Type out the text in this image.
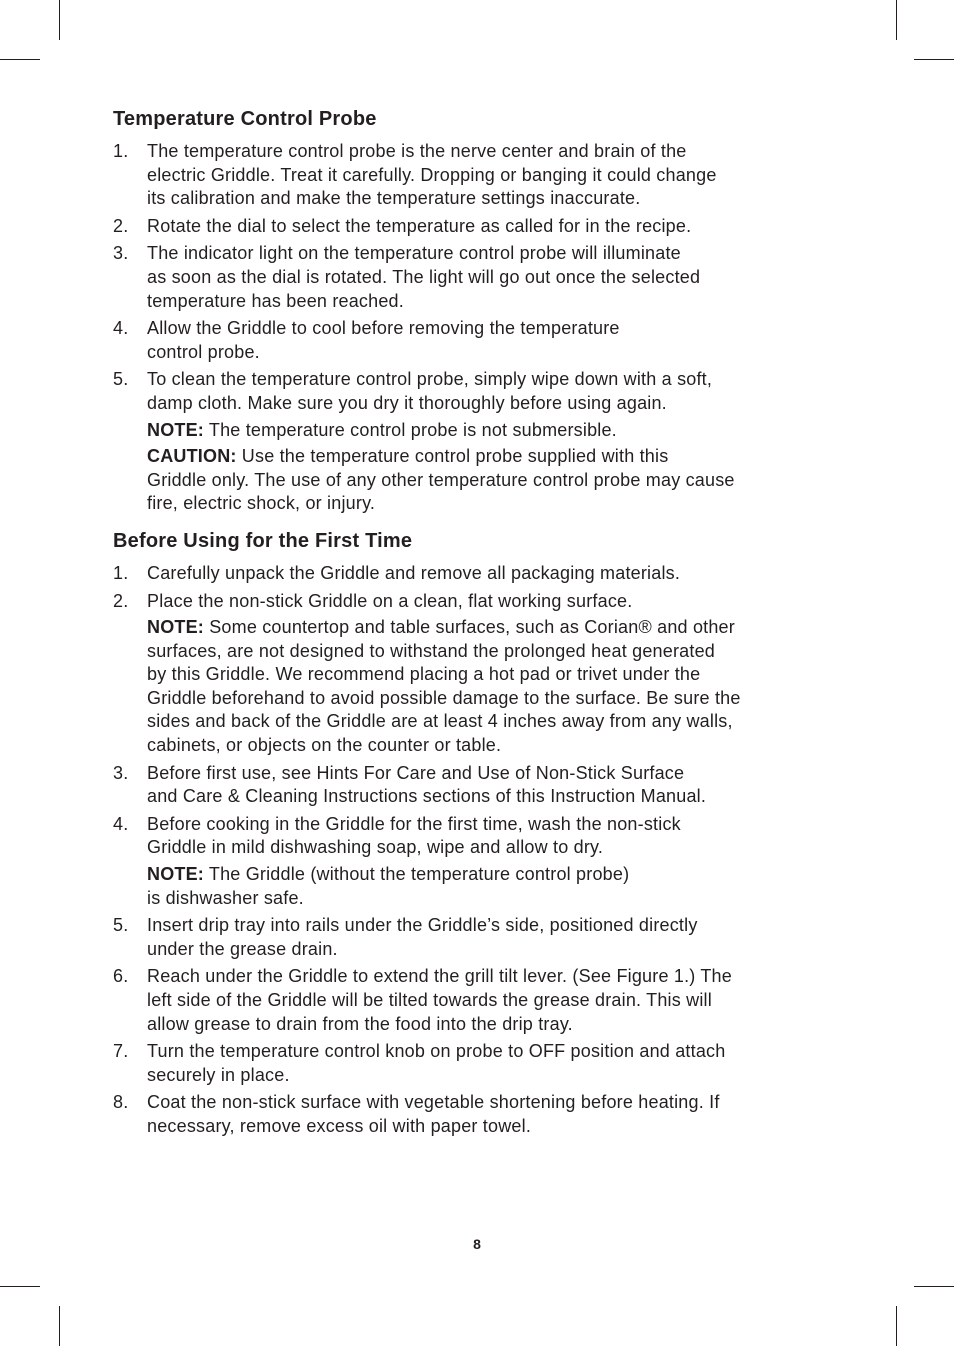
Temperature Control Probe
1. The temperature control probe is the nerve center and brain of the
electric Griddle. Treat it carefully. Dropping or banging it could change
its calibration and make the temperature settings inaccurate.
2. Rotate the dial to select the temperature as called for in the recipe.
3. The indicator light on the temperature control probe will illuminate
as soon as the dial is rotated. The light will go out once the selected
temperature has been reached.
4. Allow the Griddle to cool before removing the temperature
control probe.
5. To clean the temperature control probe, simply wipe down with a soft,
damp cloth. Make sure you dry it thoroughly before using again.
NOTE: The temperature control probe is not submersible.
CAUTION: Use the temperature control probe supplied with this
Griddle only. The use of any other temperature control probe may cause
fire, electric shock, or injury.
Before Using for the First Time
1. Carefully unpack the Griddle and remove all packaging materials.
2. Place the non-stick Griddle on a clean, flat working surface.
NOTE: Some countertop and table surfaces, such as Corian® and other
surfaces, are not designed to withstand the prolonged heat generated
by this Griddle. We recommend placing a hot pad or trivet under the
Griddle beforehand to avoid possible damage to the surface. Be sure the
sides and back of the Griddle are at least 4 inches away from any walls,
cabinets, or objects on the counter or table.
3. Before first use, see Hints For Care and Use of Non-Stick Surface
and Care & Cleaning Instructions sections of this Instruction Manual.
4. Before cooking in the Griddle for the first time, wash the non-stick
Griddle in mild dishwashing soap, wipe and allow to dry.
NOTE: The Griddle (without the temperature control probe)
is dishwasher safe.
5. Insert drip tray into rails under the Griddle’s side, positioned directly
under the grease drain.
6. Reach under the Griddle to extend the grill tilt lever. (See Figure 1.) The
left side of the Griddle will be tilted towards the grease drain. This will
allow grease to drain from the food into the drip tray.
7. Turn the temperature control knob on probe to OFF position and attach
securely in place.
8. Coat the non-stick surface with vegetable shortening before heating. If
necessary, remove excess oil with paper towel.
8
